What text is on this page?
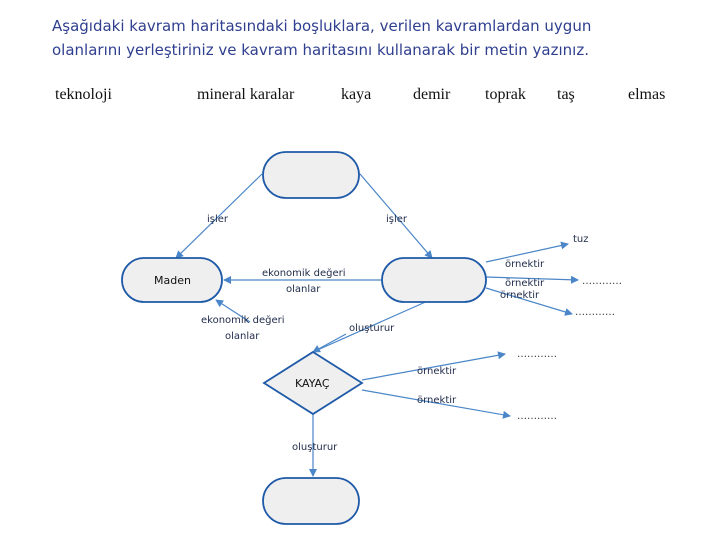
Aşağıdaki kavram haritasındaki boşluklara, verilen kavramlardan uygun
olanlarını yerleştiriniz ve kavram haritasını kullanarak bir metin yazınız.
teknoloji	mineral karalar	kaya	demir toprak taş	elmas
Maden
KAYAÇ
işler	işler
ekonomik değeri
olanlar
ekonomik değeri
olanlar
oluşturur
oluşturur
örnektir
örnektir
örnektir
örnektir
örnektir
tuz
…………
…………
…………
…………
